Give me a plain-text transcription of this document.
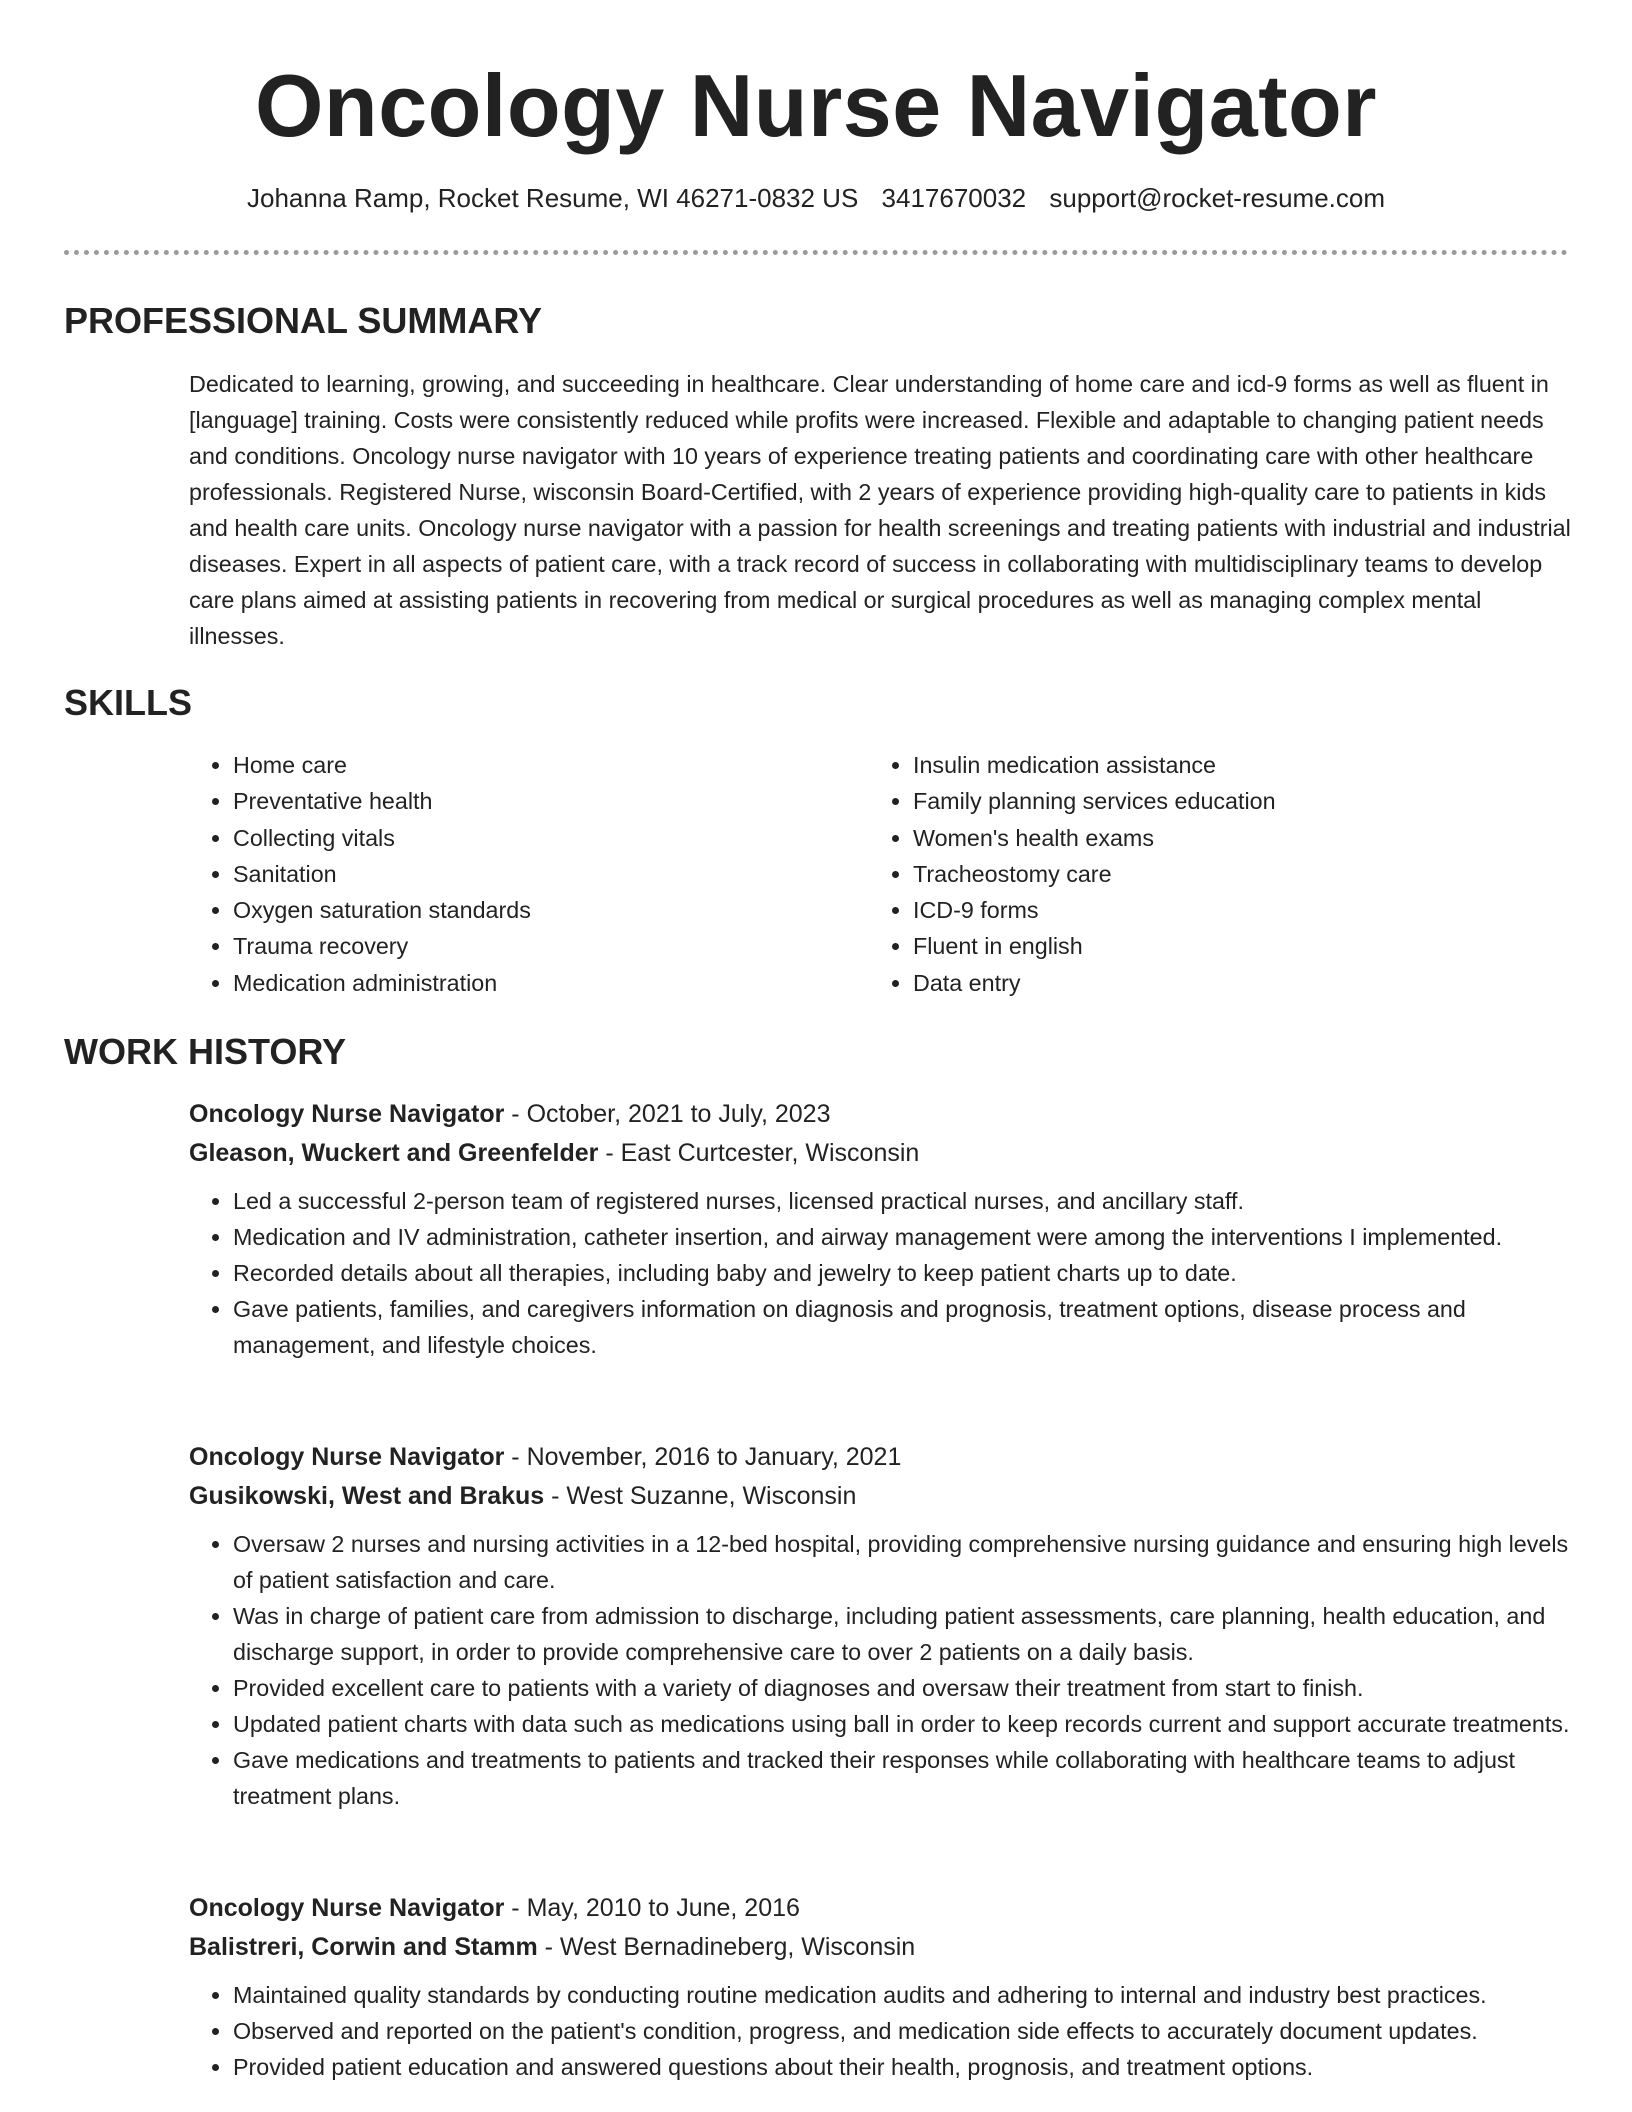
Oncology Nurse Navigator
Johanna Ramp, Rocket Resume, WI 46271-0832 US 3417670032 support@rocket-resume.com
PROFESSIONAL SUMMARY

Dedicated to learning, growing, and succeeding in healthcare. Clear understanding of home care and icd-9 forms as well as fluent in [language] training. Costs were consistently reduced while profits were increased. Flexible and adaptable to changing patient needs and conditions. Oncology nurse navigator with 10 years of experience treating patients and coordinating care with other healthcare professionals. Registered Nurse, wisconsin Board-Certified, with 2 years of experience providing high-quality care to patients in kids and health care units. Oncology nurse navigator with a passion for health screenings and treating patients with industrial and industrial diseases. Expert in all aspects of patient care, with a track record of success in collaborating with multidisciplinary teams to develop care plans aimed at assisting patients in recovering from medical or surgical procedures as well as managing complex mental illnesses.

SKILLS
• Home care
• Preventative health
• Collecting vitals
• Sanitation
• Oxygen saturation standards
• Trauma recovery
• Medication administration
• Insulin medication assistance
• Family planning services education
• Women's health exams
• Tracheostomy care
• ICD-9 forms
• Fluent in english
• Data entry
WORK HISTORY
Oncology Nurse Navigator - October, 2021 to July, 2023
Gleason, Wuckert and Greenfelder - East Curtcester, Wisconsin
• Led a successful 2-person team of registered nurses, licensed practical nurses, and ancillary staff.
• Medication and IV administration, catheter insertion, and airway management were among the interventions I implemented.
• Recorded details about all therapies, including baby and jewelry to keep patient charts up to date.
• Gave patients, families, and caregivers information on diagnosis and prognosis, treatment options, disease process and management, and lifestyle choices.
Oncology Nurse Navigator - November, 2016 to January, 2021
Gusikowski, West and Brakus - West Suzanne, Wisconsin
• Oversaw 2 nurses and nursing activities in a 12-bed hospital, providing comprehensive nursing guidance and ensuring high levels of patient satisfaction and care.
• Was in charge of patient care from admission to discharge, including patient assessments, care planning, health education, and discharge support, in order to provide comprehensive care to over 2 patients on a daily basis.
• Provided excellent care to patients with a variety of diagnoses and oversaw their treatment from start to finish.
• Updated patient charts with data such as medications using ball in order to keep records current and support accurate treatments.
• Gave medications and treatments to patients and tracked their responses while collaborating with healthcare teams to adjust treatment plans.
Oncology Nurse Navigator - May, 2010 to June, 2016
Balistreri, Corwin and Stamm - West Bernadineberg, Wisconsin
• Maintained quality standards by conducting routine medication audits and adhering to internal and industry best practices.
• Observed and reported on the patient's condition, progress, and medication side effects to accurately document updates.
• Provided patient education and answered questions about their health, prognosis, and treatment options.
